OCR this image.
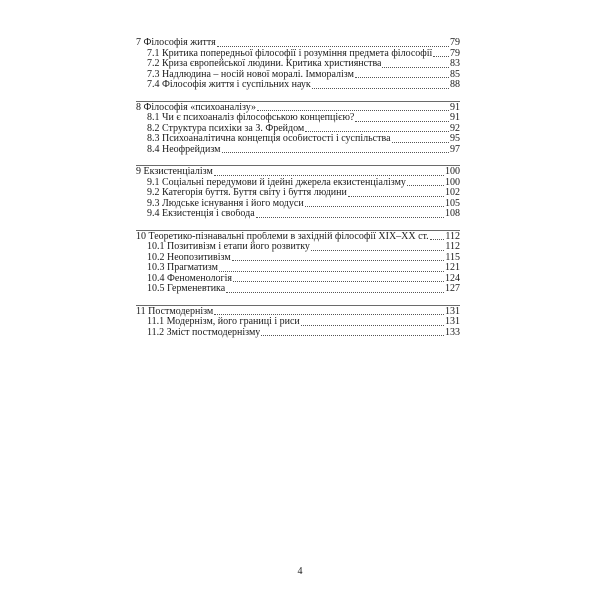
7 Філософія життя	79
7.1 Критика попередньої філософії і розуміння предмета філософії 79
7.2 Криза європейської людини. Критика християнства	83
7.3 Надлюдина – носій нової моралі. Імморалізм	85
7.4 Філософія життя і суспільних наук	88
8 Філософія «психоаналізу»	91
8.1 Чи є психоаналіз філософською концепцією?	91
8.2 Структура психіки за З. Фрейдом	92
8.3 Психоаналітична концепція особистості і суспільства	95
8.4 Неофрейдизм	97
9 Екзистенціалізм	100
9.1 Соціальні передумови й ідейні джерела екзистенціалізму	100
9.2 Категорія буття. Буття світу і буття людини	102
9.3 Людське існування і його модуси	105
9.4 Екзистенція і свобода	108
10 Теоретико-пізнавальні проблеми в західній філософії XIX–XX ст. 112
10.1 Позитивізм і етапи його розвитку	112
10.2 Неопозитивізм	115
10.3 Прагматизм	121
10.4 Феноменологія	124
10.5 Герменевтика	127
11 Постмодернізм	131
11.1 Модернізм, його границі і риси	131
11.2 Зміст постмодернізму	133
4
